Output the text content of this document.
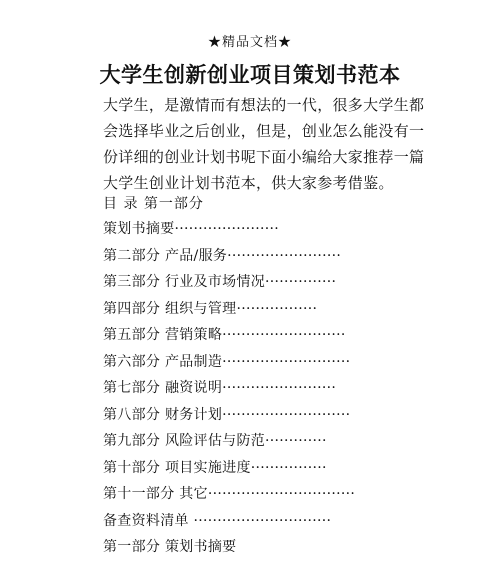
★精品文档★
大学生创新创业项目策划书范本
大学生，是激情而有想法的一代，很多大学生都会选择毕业之后创业，但是，创业怎么能没有一份详细的创业计划书呢下面小编给大家推荐一篇大学生创业计划书范本，供大家参考借鉴。
目 录 第一部分
策划书摘要······················
第二部分 产品/服务························
第三部分 行业及市场情况···············
第四部分 组织与管理·················
第五部分 营销策略··························
第六部分 产品制造···························
第七部分 融资说明························
第八部分 财务计划···························
第九部分 风险评估与防范·············
第十部分 项目实施进度················
第十一部分 其它·······························
备查资料清单 ·····························
第一部分 策划书摘要
